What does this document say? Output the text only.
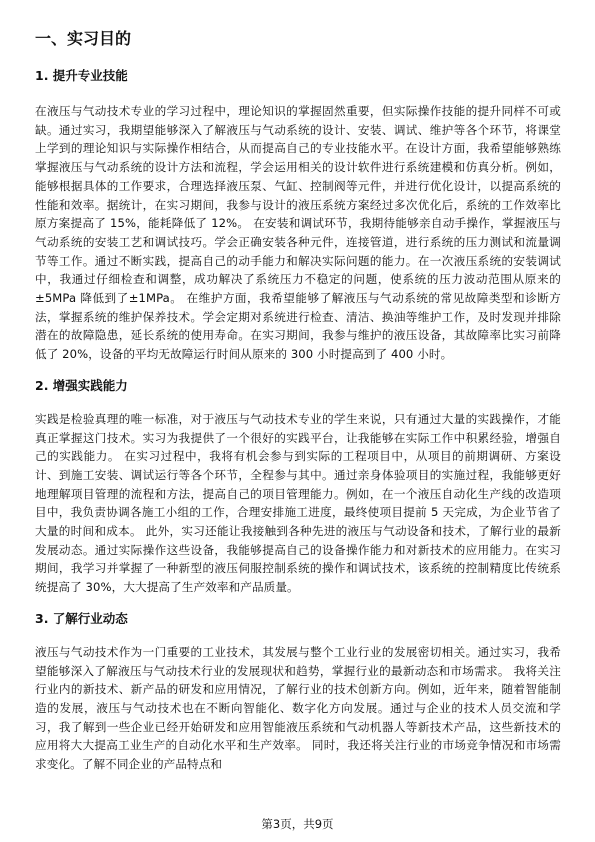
一、实习目的
1. 提升专业技能

在液压与气动技术专业的学习过程中，理论知识的掌握固然重要，但实际操作技能的提升同样不可或缺。通过实习，我期望能够深入了解液压与气动系统的设计、安装、调试、维护等各个环节，将课堂上学到的理论知识与实际操作相结合，从而提高自己的专业技能水平。在设计方面，我希望能够熟练掌握液压与气动系统的设计方法和流程，学会运用相关的设计软件进行系统建模和仿真分析。例如，能够根据具体的工作要求，合理选择液压泵、气缸、控制阀等元件，并进行优化设计，以提高系统的性能和效率。据统计，在实习期间，我参与设计的液压系统方案经过多次优化后，系统的工作效率比原方案提高了 15%，能耗降低了 12%。 在安装和调试环节，我期待能够亲自动手操作，掌握液压与气动系统的安装工艺和调试技巧。学会正确安装各种元件，连接管道，进行系统的压力测试和流量调节等工作。通过不断实践，提高自己的动手能力和解决实际问题的能力。在一次液压系统的安装调试中，我通过仔细检查和调整，成功解决了系统压力不稳定的问题，使系统的压力波动范围从原来的 ±5MPa 降低到了±1MPa。 在维护方面，我希望能够了解液压与气动系统的常见故障类型和诊断方法，掌握系统的维护保养技术。学会定期对系统进行检查、清洁、换油等维护工作，及时发现并排除潜在的故障隐患，延长系统的使用寿命。在实习期间，我参与维护的液压设备，其故障率比实习前降低了 20%，设备的平均无故障运行时间从原来的 300 小时提高到了 400 小时。

2. 增强实践能力

实践是检验真理的唯一标准，对于液压与气动技术专业的学生来说，只有通过大量的实践操作，才能真正掌握这门技术。实习为我提供了一个很好的实践平台，让我能够在实际工作中积累经验，增强自己的实践能力。 在实习过程中，我将有机会参与到实际的工程项目中，从项目的前期调研、方案设计、到施工安装、调试运行等各个环节，全程参与其中。通过亲身体验项目的实施过程，我能够更好地理解项目管理的流程和方法，提高自己的项目管理能力。例如，在一个液压自动化生产线的改造项目中，我负责协调各施工小组的工作，合理安排施工进度，最终使项目提前 5 天完成，为企业节省了大量的时间和成本。 此外，实习还能让我接触到各种先进的液压与气动设备和技术，了解行业的最新发展动态。通过实际操作这些设备，我能够提高自己的设备操作能力和对新技术的应用能力。在实习期间，我学习并掌握了一种新型的液压伺服控制系统的操作和调试技术，该系统的控制精度比传统系统提高了 30%，大大提高了生产效率和产品质量。

3. 了解行业动态

液压与气动技术作为一门重要的工业技术，其发展与整个工业行业的发展密切相关。通过实习，我希望能够深入了解液压与气动技术行业的发展现状和趋势，掌握行业的最新动态和市场需求。 我将关注行业内的新技术、新产品的研发和应用情况，了解行业的技术创新方向。例如，近年来，随着智能制造的发展，液压与气动技术也在不断向智能化、数字化方向发展。通过与企业的技术人员交流和学习，我了解到一些企业已经开始研发和应用智能液压系统和气动机器人等新技术产品，这些新技术的应用将大大提高工业生产的自动化水平和生产效率。 同时，我还将关注行业的市场竞争情况和市场需求变化。了解不同企业的产品特点和

第3页，共9页
